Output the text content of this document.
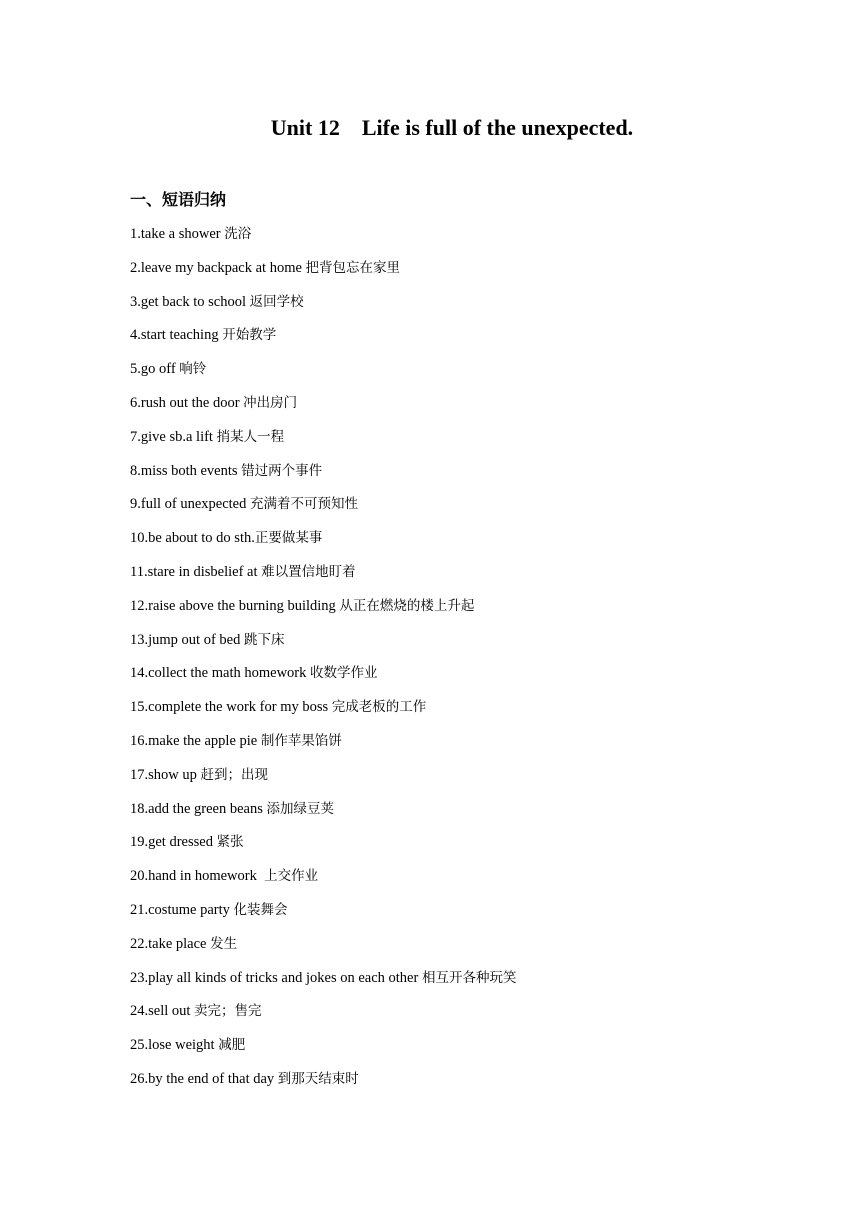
Unit 12    Life is full of the unexpected.
一、短语归纳
1.take a shower 洗浴
2.leave my backpack at home 把背包忘在家里
3.get back to school 返回学校
4.start teaching 开始教学
5.go off 响铃
6.rush out the door 冲出房门
7.give sb.a lift 捎某人一程
8.miss both events 错过两个事件
9.full of unexpected 充满着不可预知性
10.be about to do sth.正要做某事
11.stare in disbelief at 难以置信地盯着
12.raise above the burning building 从正在燃烧的楼上升起
13.jump out of bed 跳下床
14.collect the math homework 收数学作业
15.complete the work for my boss 完成老板的工作
16.make the apple pie 制作苹果馅饼
17.show up 赶到；出现
18.add the green beans 添加绿豆荚
19.get dressed 紧张
20.hand in homework  上交作业
21.costume party 化装舞会
22.take place 发生
23.play all kinds of tricks and jokes on each other 相互开各种玩笑
24.sell out 卖完；售完
25.lose weight 减肥
26.by the end of that day 到那天结束时
